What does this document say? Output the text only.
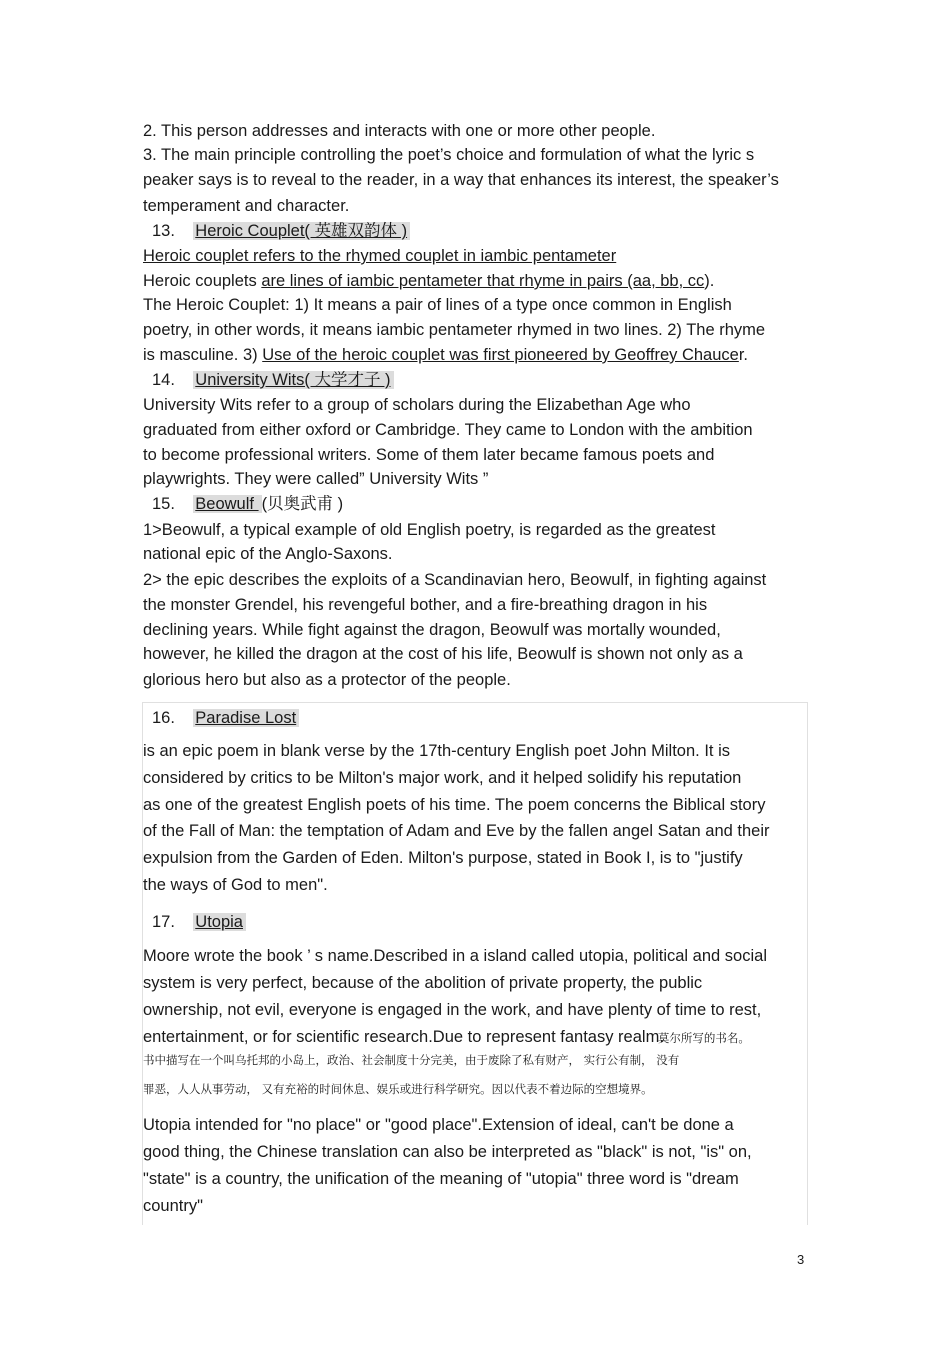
2. This person addresses and interacts with one or more other people.
3. The main principle controlling the poet’s choice and formulation of what the lyric s
peaker says is to reveal to the reader, in a way that enhances its interest, the speaker’s
temperament and character.
13. Heroic Couplet( 英雄双韵体 )
Heroic couplet refers to the rhymed couplet in iambic pentameter
Heroic couplets are lines of iambic pentameter that rhyme in pairs (aa, bb, cc).
The Heroic Couplet: 1) It means a pair of lines of a type once common in English
poetry, in other words, it means iambic pentameter rhymed in two lines. 2) The rhyme
is masculine. 3) Use of the heroic couplet was first pioneered by Geoffrey Chaucer.
14. University Wits( 大学才子 )
University Wits refer to a group of scholars during the Elizabethan Age who
graduated from either oxford or Cambridge. They came to London with the ambition
to become professional writers. Some of them later became famous poets and
playwrights. They were called” University Wits ”
15. Beowulf (贝奥武甫 )
1>Beowulf, a typical example of old English poetry, is regarded as the greatest
national epic of the Anglo-Saxons.
2> the epic describes the exploits of a Scandinavian hero, Beowulf, in fighting against
the monster Grendel, his revengeful bother, and a fire-breathing dragon in his
declining years. While fight against the dragon, Beowulf was mortally wounded,
however, he killed the dragon at the cost of his life, Beowulf is shown not only as a
glorious hero but also as a protector of the people.
16. Paradise Lost
is an epic poem in blank verse by the 17th-century English poet John Milton. It is
considered by critics to be Milton's major work, and it helped solidify his reputation
as one of the greatest English poets of his time. The poem concerns the Biblical story
of the Fall of Man: the temptation of Adam and Eve by the fallen angel Satan and their
expulsion from the Garden of Eden. Milton's purpose, stated in Book I, is to "justify
the ways of God to men".
17. Utopia
Moore wrote the book ’ s name.Described in a island called utopia, political and social
system is very perfect, because of the abolition of private property, the public
ownership, not evil, everyone is engaged in the work, and have plenty of time to rest,
entertainment, or for scientific research.Due to represent fantasy realm.莫尔所写的书名。
书中描写在一个叫乌托邦的小岛上，政治、社会制度十分完美，由于废除了私有财产， 实行公有制， 没有
罪恶，人人从事劳动， 又有充裕的时间休息、娱乐或进行科学研究。因以代表不着边际的空想境界。
Utopia intended for "no place" or "good place".Extension of ideal, can't be done a
good thing, the Chinese translation can also be interpreted as "black" is not, "is" on,
"state" is a country, the unification of the meaning of "utopia" three word is "dream
country"
3
